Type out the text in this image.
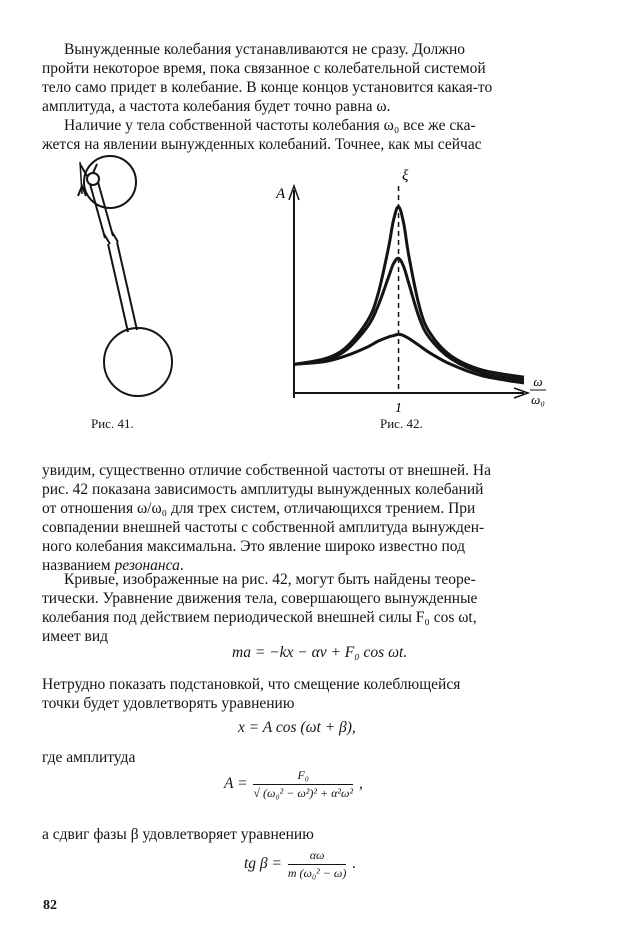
Вынужденные колебания устанавливаются не сразу. Должно
пройти некоторое время, пока связанное с колебательной системой
тело само придет в колебание. В конце концов установится какая-то
амплитуда, а частота колебания будет точно равна ω.
Наличие у тела собственной частоты колебания ω₀ все же ска-
жется на явлении вынужденных колебаний. Точнее, как мы сейчас
Рис. 41.
A
1
ω
ω₀
ξ
Рис. 42.
увидим, существенно отличие собственной частоты от внешней. На
рис. 42 показана зависимость амплитуды вынужденных колебаний
от отношения ω/ω₀ для трех систем, отличающихся трением. При
совпадении внешней частоты с собственной амплитуда вынужден-
ного колебания максимальна. Это явление широко известно под
названием резонанса.
Кривые, изображенные на рис. 42, могут быть найдены теоре-
тически. Уравнение движения тела, совершающего вынужденные
колебания под действием периодической внешней силы F₀ cos ωt,
имеет вид
ma = −kx − αv + F₀ cos ωt.
Нетрудно показать подстановкой, что смещение колеблющейся
точки будет удовлетворять уравнению
x = A cos (ωt + β),
где амплитуда
$A = \frac{\text{F₀}}{\text{√ (ω₀² − ω²)² + α²ω²}}$ ,
а сдвиг фазы β удовлетворяет уравнению
tg $\beta = \frac{\alpha\omega}{\text{m (ω₀² − ω)}}$ .
82
